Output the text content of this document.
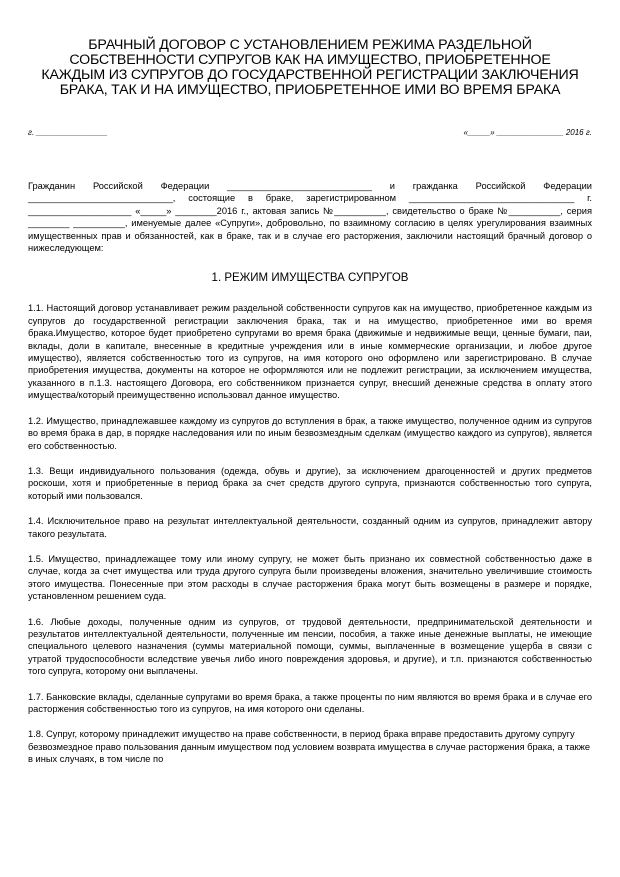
БРАЧНЫЙ ДОГОВОР С УСТАНОВЛЕНИЕМ РЕЖИМА РАЗДЕЛЬНОЙ СОБСТВЕННОСТИ СУПРУГОВ КАК НА ИМУЩЕСТВО, ПРИОБРЕТЕННОЕ КАЖДЫМ ИЗ СУПРУГОВ ДО ГОСУДАРСТВЕННОЙ РЕГИСТРАЦИИ ЗАКЛЮЧЕНИЯ БРАКА, ТАК И НА ИМУЩЕСТВО, ПРИОБРЕТЕННОЕ ИМИ ВО ВРЕМЯ БРАКА
г. ________________	«_____» _______________ 2016 г.

Гражданин Российской Федерации ____________________________ и гражданка Российской Федерации ____________________________, состоящие в браке, зарегистрированном ________________________________ г. ____________________ «_____» ________2016 г., актовая запись №__________, свидетельство о браке №__________, серия ________ __________, именуемые далее «Супруги», добровольно, по взаимному согласию в целях урегулирования взаимных имущественных прав и обязанностей, как в браке, так и в случае его расторжения, заключили настоящий брачный договор о нижеследующем:

1. РЕЖИМ ИМУЩЕСТВА СУПРУГОВ

1.1. Настоящий договор устанавливает режим раздельной собственности супругов как на имущество, приобретенное каждым из супругов до государственной регистрации заключения брака, так и на имущество, приобретенное ими во время брака.Имущество, которое будет приобретено супругами во время брака (движимые и недвижимые вещи, ценные бумаги, паи, вклады, доли в капитале, внесенные в кредитные учреждения или в иные коммерческие организации, и любое другое имущество), является собственностью того из супругов, на имя которого оно оформлено или зарегистрировано. В случае приобретения имущества, документы на которое не оформляются или не подлежит регистрации, за исключением имущества, указанного в п.1.3. настоящего Договора, его собственником признается супруг, внесший денежные средства в оплату этого имущества/который преимущественно использовал данное имущество.

1.2. Имущество, принадлежавшее каждому из супругов до вступления в брак, а также имущество, полученное одним из супругов во время брака в дар, в порядке наследования или по иным безвозмездным сделкам (имущество каждого из супругов), является его собственностью.

1.3. Вещи индивидуального пользования (одежда, обувь и другие), за исключением драгоценностей и других предметов роскоши, хотя и приобретенные в период брака за счет средств другого супруга, признаются собственностью того супруга, который ими пользовался.

1.4. Исключительное право на результат интеллектуальной деятельности, созданный одним из супругов, принадлежит автору такого результата.

1.5. Имущество, принадлежащее тому или иному супругу, не может быть признано их совместной собственностью даже в случае, когда за счет имущества или труда другого супруга были произведены вложения, значительно увеличившие стоимость этого имущества. Понесенные при этом расходы в случае расторжения брака могут быть возмещены в размере и порядке, установленном решением суда.

1.6. Любые доходы, полученные одним из супругов, от трудовой деятельности, предпринимательской деятельности и результатов интеллектуальной деятельности, полученные им пенсии, пособия, а также иные денежные выплаты, не имеющие специального целевого назначения (суммы материальной помощи, суммы, выплаченные в возмещение ущерба в связи с утратой трудоспособности вследствие увечья либо иного повреждения здоровья, и другие), и т.п. признаются собственностью того супруга, которому они выплачены.

1.7. Банковские вклады, сделанные супругами во время брака, а также проценты по ним являются во время брака и в случае его расторжения собственностью того из супругов, на имя которого они сделаны.

1.8. Супруг, которому принадлежит имущество на праве собственности, в период брака вправе предоставить другому супругу безвозмездное право пользования данным имуществом под условием возврата имущества в случае расторжения брака, а также в иных случаях, в том числе по
